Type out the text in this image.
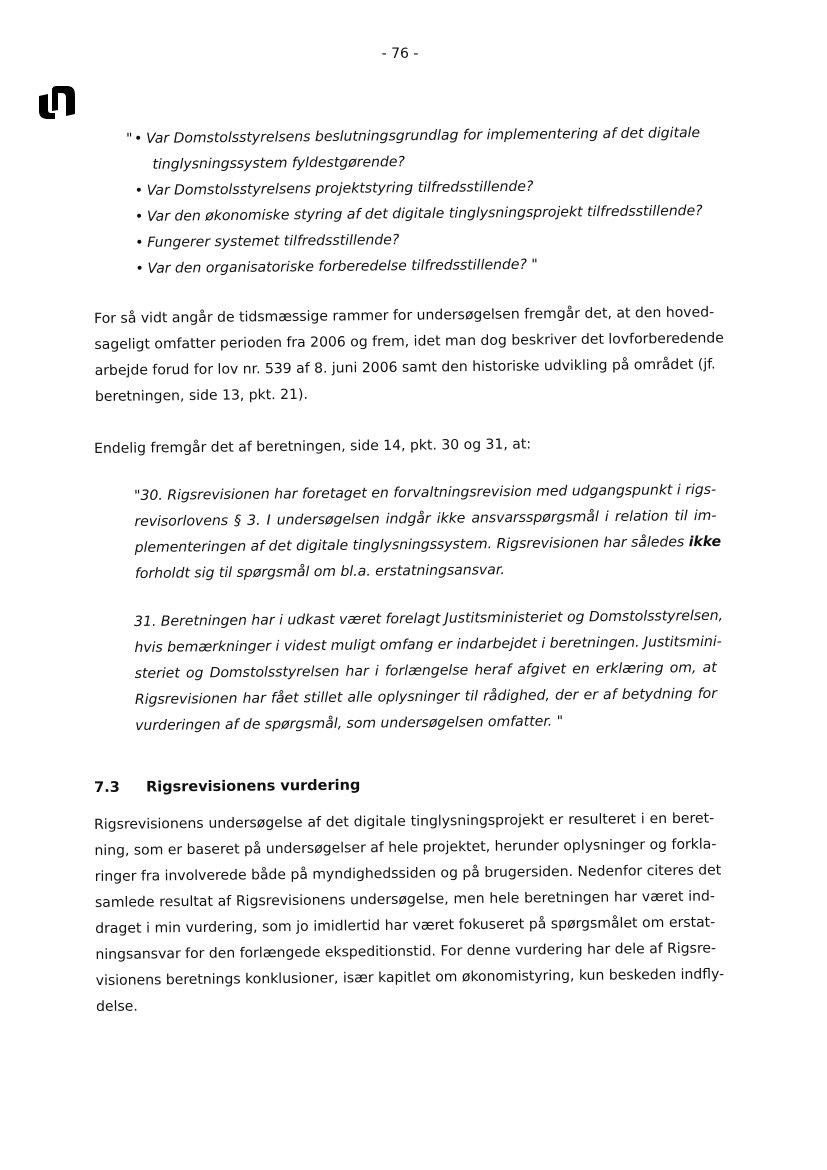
- 76 -
" • Var Domstolsstyrelsens beslutningsgrundlag for implementering af det digitale
tinglysningssystem fyldestgørende?
• Var Domstolsstyrelsens projektstyring tilfredsstillende?
• Var den økonomiske styring af det digitale tinglysningsprojekt tilfredsstillende?
• Fungerer systemet tilfredsstillende?
• Var den organisatoriske forberedelse tilfredsstillende? "

For så vidt angår de tidsmæssige rammer for undersøgelsen fremgår det, at den hoved-
sageligt omfatter perioden fra 2006 og frem, idet man dog beskriver det lovforberedende
arbejde forud for lov nr. 539 af 8. juni 2006 samt den historiske udvikling på området (jf.
beretningen, side 13, pkt. 21).

Endelig fremgår det af beretningen, side 14, pkt. 30 og 31, at:

"30. Rigsrevisionen har foretaget en forvaltningsrevision med udgangspunkt i rigs-
revisorlovens § 3. I undersøgelsen indgår ikke ansvarsspørgsmål i relation til im-
plementeringen af det digitale tinglysningssystem. Rigsrevisionen har således ikke
forholdt sig til spørgsmål om bl.a. erstatningsansvar.

31. Beretningen har i udkast været forelagt Justitsministeriet og Domstolsstyrelsen,
hvis bemærkninger i videst muligt omfang er indarbejdet i beretningen. Justitsmini-
steriet og Domstolsstyrelsen har i forlængelse heraf afgivet en erklæring om, at
Rigsrevisionen har fået stillet alle oplysninger til rådighed, der er af betydning for
vurderingen af de spørgsmål, som undersøgelsen omfatter. "

7.3 Rigsrevisionens vurdering

Rigsrevisionens undersøgelse af det digitale tinglysningsprojekt er resulteret i en beret-
ning, som er baseret på undersøgelser af hele projektet, herunder oplysninger og forkla-
ringer fra involverede både på myndighedssiden og på brugersiden. Nedenfor citeres det
samlede resultat af Rigsrevisionens undersøgelse, men hele beretningen har været ind-
draget i min vurdering, som jo imidlertid har været fokuseret på spørgsmålet om erstat-
ningsansvar for den forlængede ekspeditionstid. For denne vurdering har dele af Rigsre-
visionens beretnings konklusioner, især kapitlet om økonomistyring, kun beskeden indfly-
delse.
